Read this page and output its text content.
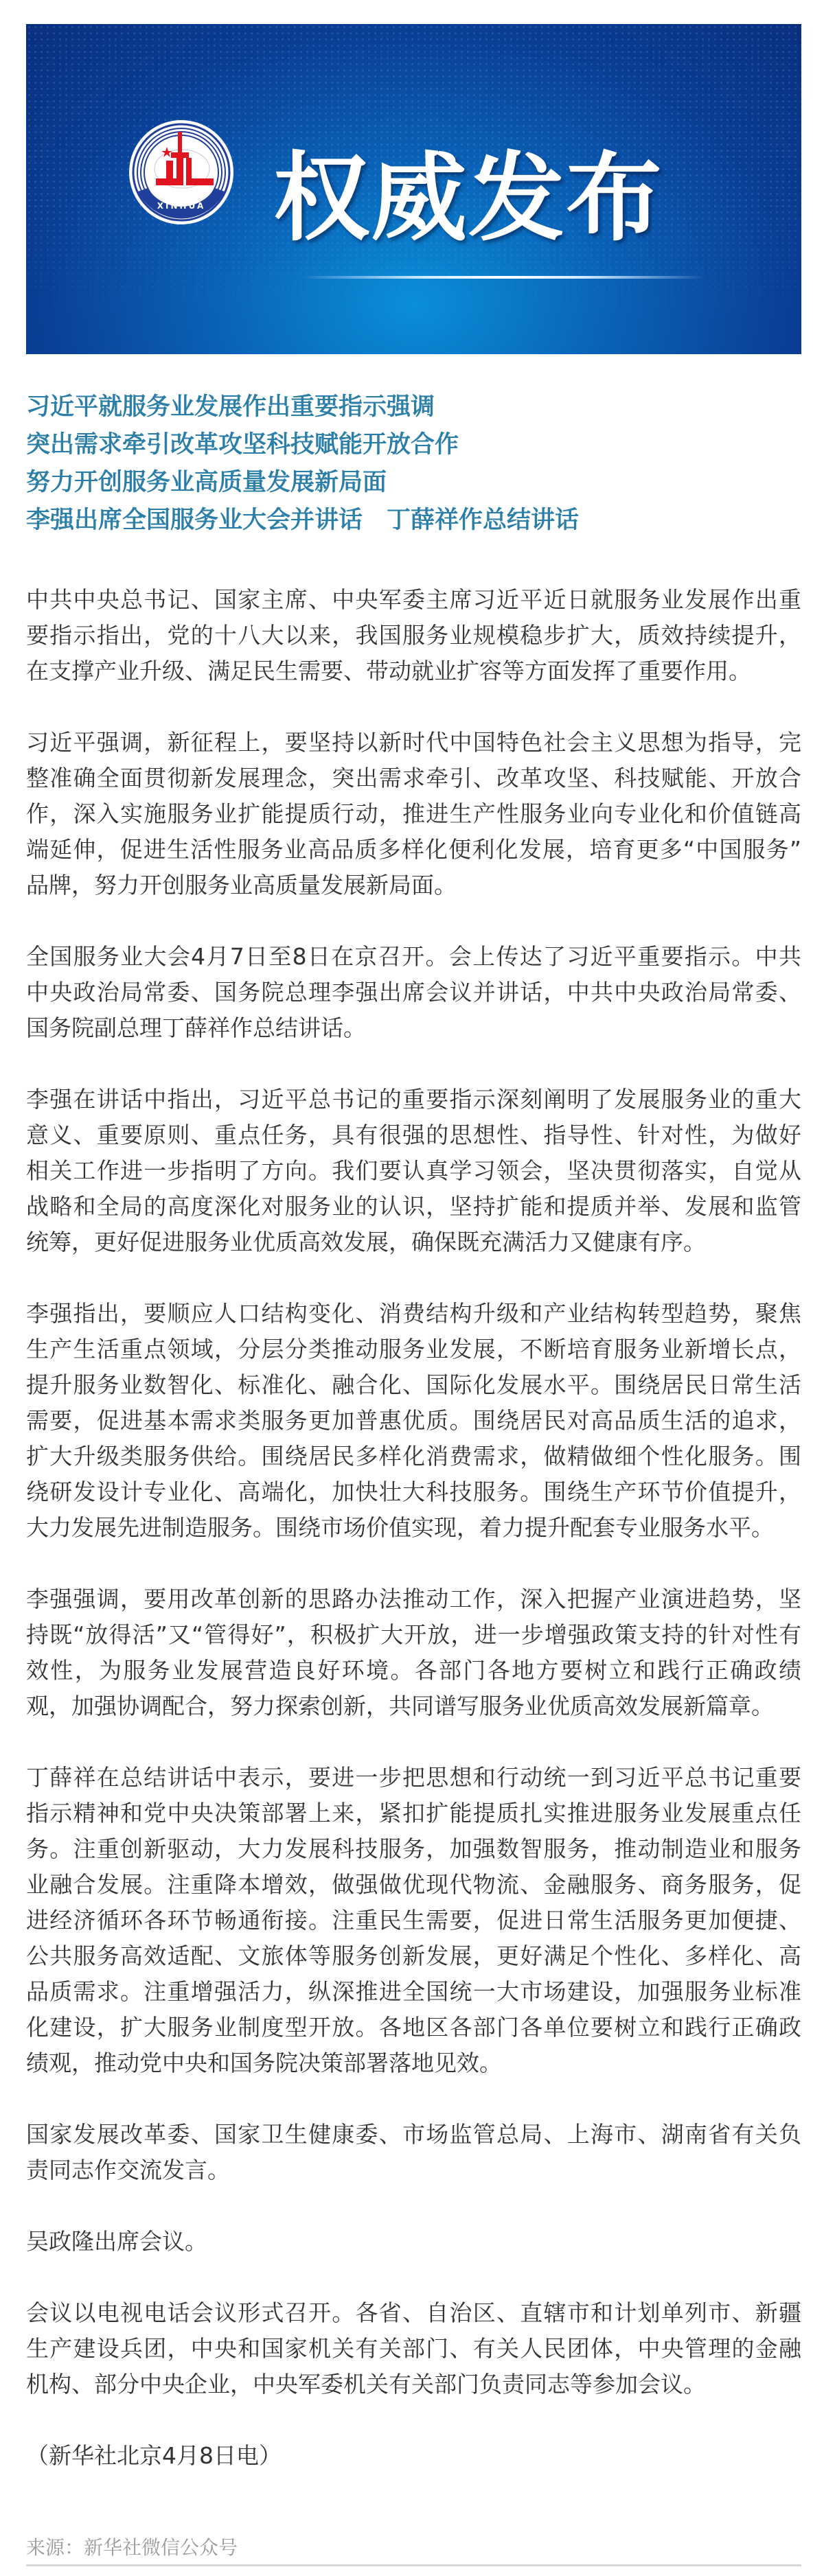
XINHUA 权威发布
习近平就服务业发展作出重要指示强调
突出需求牵引改革攻坚科技赋能开放合作
努力开创服务业高质量发展新局面
李强出席全国服务业大会并讲话　丁薛祥作总结讲话
中共中央总书记、国家主席、中央军委主席习近平近日就服务业发展作出重
要指示指出，党的十八大以来，我国服务业规模稳步扩大，质效持续提升，
在支撑产业升级、满足民生需要、带动就业扩容等方面发挥了重要作用。
习近平强调，新征程上，要坚持以新时代中国特色社会主义思想为指导，完
整准确全面贯彻新发展理念，突出需求牵引、改革攻坚、科技赋能、开放合
作，深入实施服务业扩能提质行动，推进生产性服务业向专业化和价值链高
端延伸，促进生活性服务业高品质多样化便利化发展，培育更多“中国服务”
品牌，努力开创服务业高质量发展新局面。
全国服务业大会4月7日至8日在京召开。会上传达了习近平重要指示。中共
中央政治局常委、国务院总理李强出席会议并讲话，中共中央政治局常委、
国务院副总理丁薛祥作总结讲话。
李强在讲话中指出，习近平总书记的重要指示深刻阐明了发展服务业的重大
意义、重要原则、重点任务，具有很强的思想性、指导性、针对性，为做好
相关工作进一步指明了方向。我们要认真学习领会，坚决贯彻落实，自觉从
战略和全局的高度深化对服务业的认识，坚持扩能和提质并举、发展和监管
统筹，更好促进服务业优质高效发展，确保既充满活力又健康有序。
李强指出，要顺应人口结构变化、消费结构升级和产业结构转型趋势，聚焦
生产生活重点领域，分层分类推动服务业发展，不断培育服务业新增长点，
提升服务业数智化、标准化、融合化、国际化发展水平。围绕居民日常生活
需要，促进基本需求类服务更加普惠优质。围绕居民对高品质生活的追求，
扩大升级类服务供给。围绕居民多样化消费需求，做精做细个性化服务。围
绕研发设计专业化、高端化，加快壮大科技服务。围绕生产环节价值提升，
大力发展先进制造服务。围绕市场价值实现，着力提升配套专业服务水平。
李强强调，要用改革创新的思路办法推动工作，深入把握产业演进趋势，坚
持既“放得活”又“管得好”，积极扩大开放，进一步增强政策支持的针对性有
效性，为服务业发展营造良好环境。各部门各地方要树立和践行正确政绩
观，加强协调配合，努力探索创新，共同谱写服务业优质高效发展新篇章。
丁薛祥在总结讲话中表示，要进一步把思想和行动统一到习近平总书记重要
指示精神和党中央决策部署上来，紧扣扩能提质扎实推进服务业发展重点任
务。注重创新驱动，大力发展科技服务，加强数智服务，推动制造业和服务
业融合发展。注重降本增效，做强做优现代物流、金融服务、商务服务，促
进经济循环各环节畅通衔接。注重民生需要，促进日常生活服务更加便捷、
公共服务高效适配、文旅体等服务创新发展，更好满足个性化、多样化、高
品质需求。注重增强活力，纵深推进全国统一大市场建设，加强服务业标准
化建设，扩大服务业制度型开放。各地区各部门各单位要树立和践行正确政
绩观，推动党中央和国务院决策部署落地见效。
国家发展改革委、国家卫生健康委、市场监管总局、上海市、湖南省有关负
责同志作交流发言。
吴政隆出席会议。
会议以电视电话会议形式召开。各省、自治区、直辖市和计划单列市、新疆
生产建设兵团，中央和国家机关有关部门、有关人民团体，中央管理的金融
机构、部分中央企业，中央军委机关有关部门负责同志等参加会议。
（新华社北京4月8日电）
来源：新华社微信公众号
